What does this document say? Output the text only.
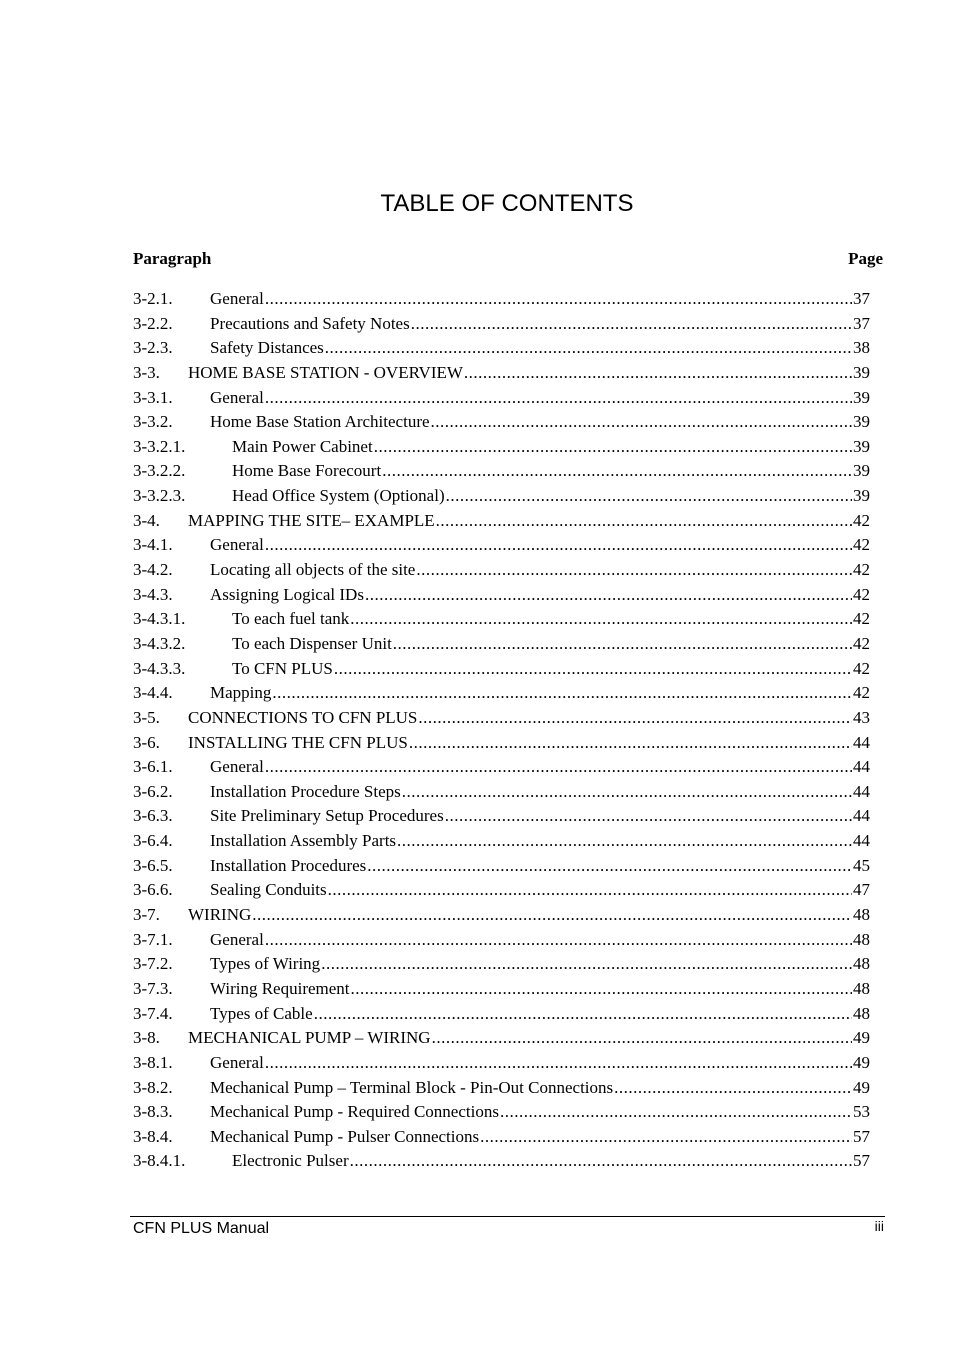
TABLE OF CONTENTS
Paragraph	Page
3-2.1. General .....	37
3-2.2. Precautions and Safety Notes .....	37
3-2.3. Safety Distances .....	38
3-3. HOME BASE STATION - OVERVIEW .....	39
3-3.1. General .....	39
3-3.2. Home Base Station Architecture .....	39
3-3.2.1.	Main Power Cabinet .....	39
3-3.2.2.	Home Base Forecourt .....	39
3-3.2.3.	Head Office System (Optional) .....	39
3-4. MAPPING THE SITE– EXAMPLE .....	42
3-4.1. General .....	42
3-4.2. Locating all objects of the site .....	42
3-4.3. Assigning Logical IDs .....	42
3-4.3.1.	To each fuel tank .....	42
3-4.3.2.	To each Dispenser Unit .....	42
3-4.3.3.	To CFN PLUS .....	42
3-4.4. Mapping .....	42
3-5. CONNECTIONS TO CFN PLUS .....	43
3-6. INSTALLING THE CFN PLUS .....	44
3-6.1. General .....	44
3-6.2. Installation Procedure Steps .....	44
3-6.3. Site Preliminary Setup Procedures .....	44
3-6.4. Installation Assembly Parts .....	44
3-6.5. Installation Procedures .....	45
3-6.6. Sealing Conduits .....	47
3-7. WIRING .....	48
3-7.1. General .....	48
3-7.2. Types of Wiring .....	48
3-7.3. Wiring Requirement .....	48
3-7.4. Types of Cable .....	48
3-8. MECHANICAL PUMP – WIRING .....	49
3-8.1. General .....	49
3-8.2. Mechanical Pump – Terminal Block - Pin-Out Connections .....	49
3-8.3. Mechanical Pump - Required Connections .....	53
3-8.4. Mechanical Pump - Pulser Connections .....	57
3-8.4.1.	Electronic Pulser .....	57
CFN PLUS Manual	iii
